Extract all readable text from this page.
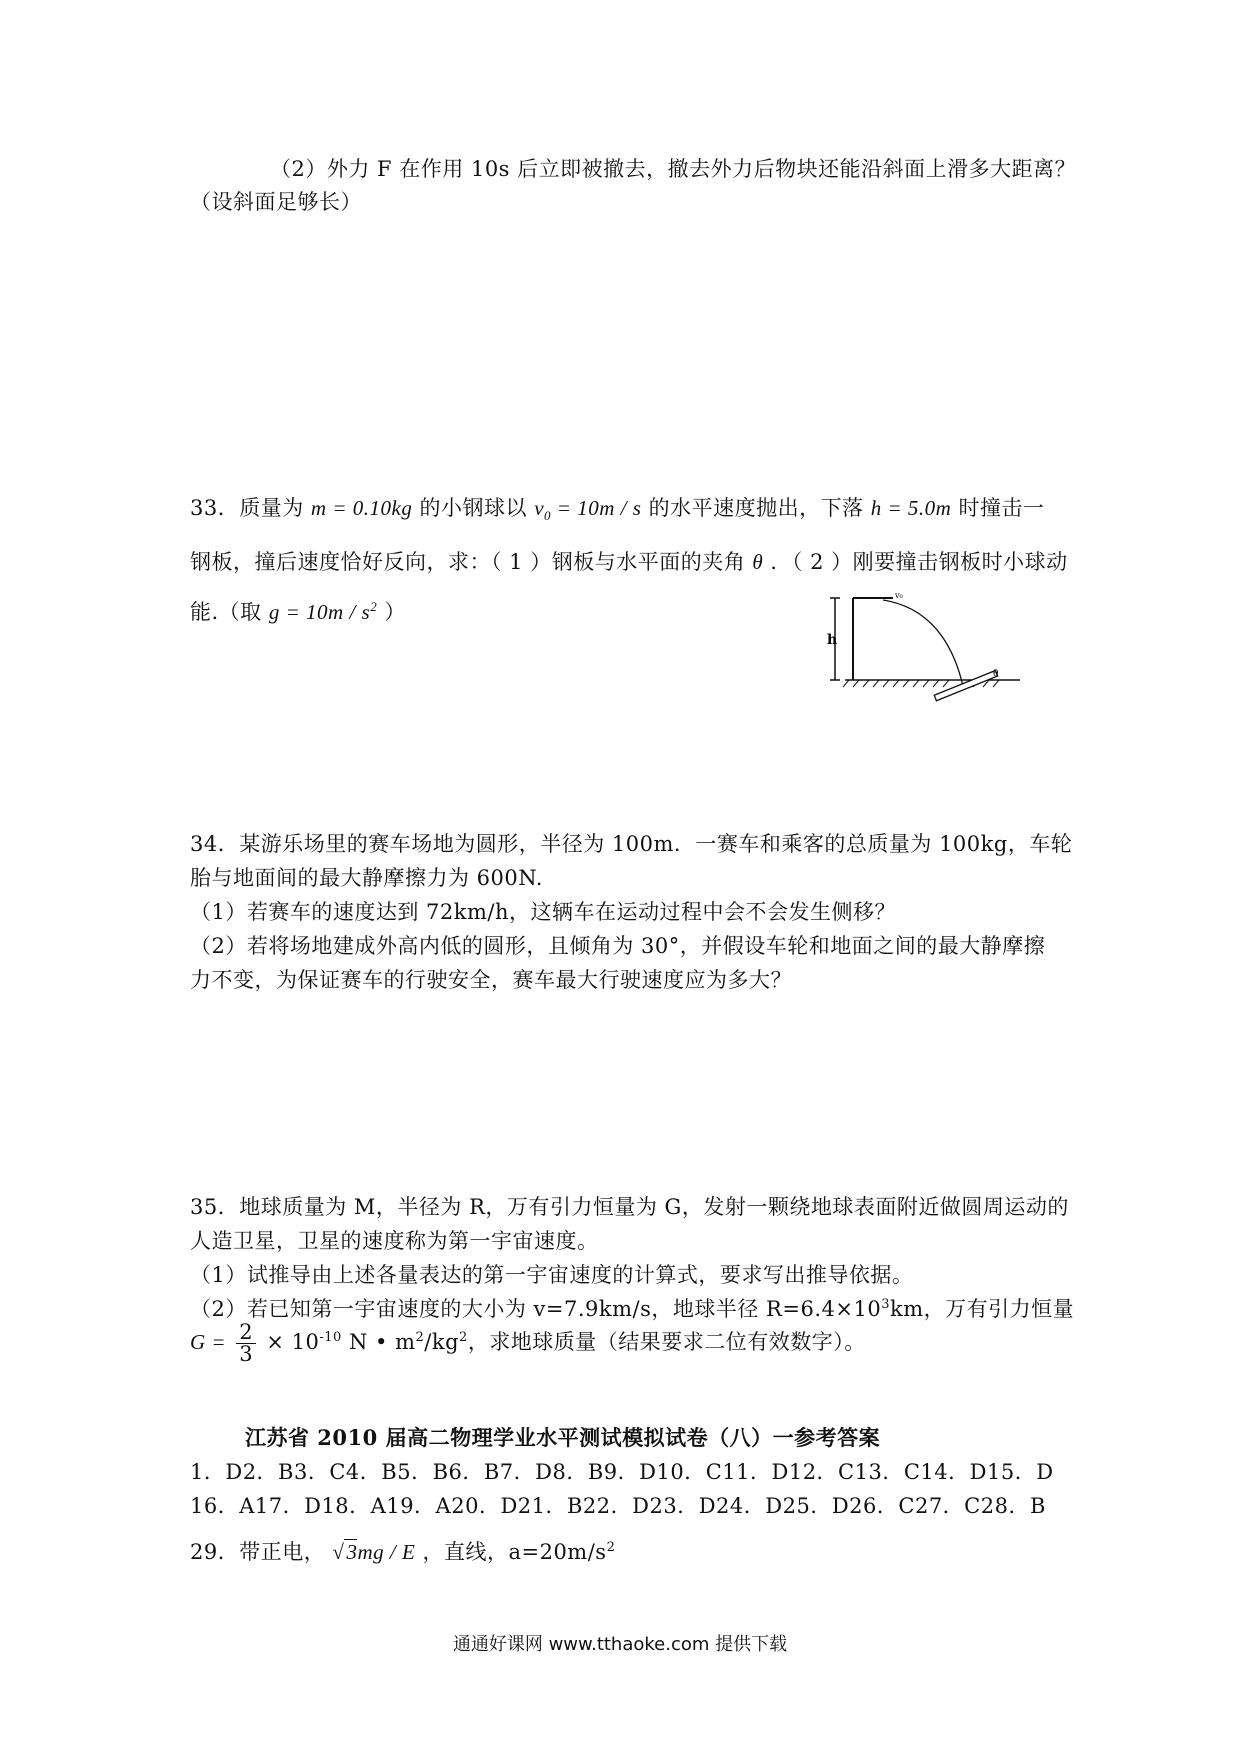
（2）外力 F 在作用 10s 后立即被撤去，撤去外力后物块还能沿斜面上滑多大距离？
（设斜面足够长）
33．质量为 m = 0.10kg 的小钢球以 $v_0 = 10m / s$ 的水平速度抛出，下落 h = 5.0m 时撞击一
钢板，撞后速度恰好反向，求：（ 1 ）钢板与水平面的夹角 θ ．（ 2 ）刚要撞击钢板时小球动
能.（取 $g = 10m / s^2$ ）
h
v₀
θ
34．某游乐场里的赛车场地为圆形，半径为 100m．一赛车和乘客的总质量为 100kg，车轮
胎与地面间的最大静摩擦力为 600N.
（1）若赛车的速度达到 72km/h，这辆车在运动过程中会不会发生侧移？
（2）若将场地建成外高内低的圆形，且倾角为 30°，并假设车轮和地面之间的最大静摩擦
力不变，为保证赛车的行驶安全，赛车最大行驶速度应为多大？
35．地球质量为 M，半径为 R，万有引力恒量为 G，发射一颗绕地球表面附近做圆周运动的
人造卫星，卫星的速度称为第一宇宙速度。
（1）试推导由上述各量表达的第一宇宙速度的计算式，要求写出推导依据。
（2）若已知第一宇宙速度的大小为 v=7.9km/s，地球半径 $R=6.4\times 10^3km$，万有引力恒量
$G = \frac{2}{3} \times 10^{-10}$ N • $m^2/kg^2$，求地球质量（结果要求二位有效数字）。
江苏省 2010 届高二物理学业水平测试模拟试卷（八）一参考答案
1．D2．B3．C4．B5．B6．B7．D8．B9．D10．C11．D12．C13．C14．D15．D
16．A17．D18．A19．A20．D21．B22．D23．D24．D25．D26．C27．C28．B
29．带正电， √3mg / E ，直线，$a=20m/s^2$
通通好课网 www.tthaoke.com 提供下载
